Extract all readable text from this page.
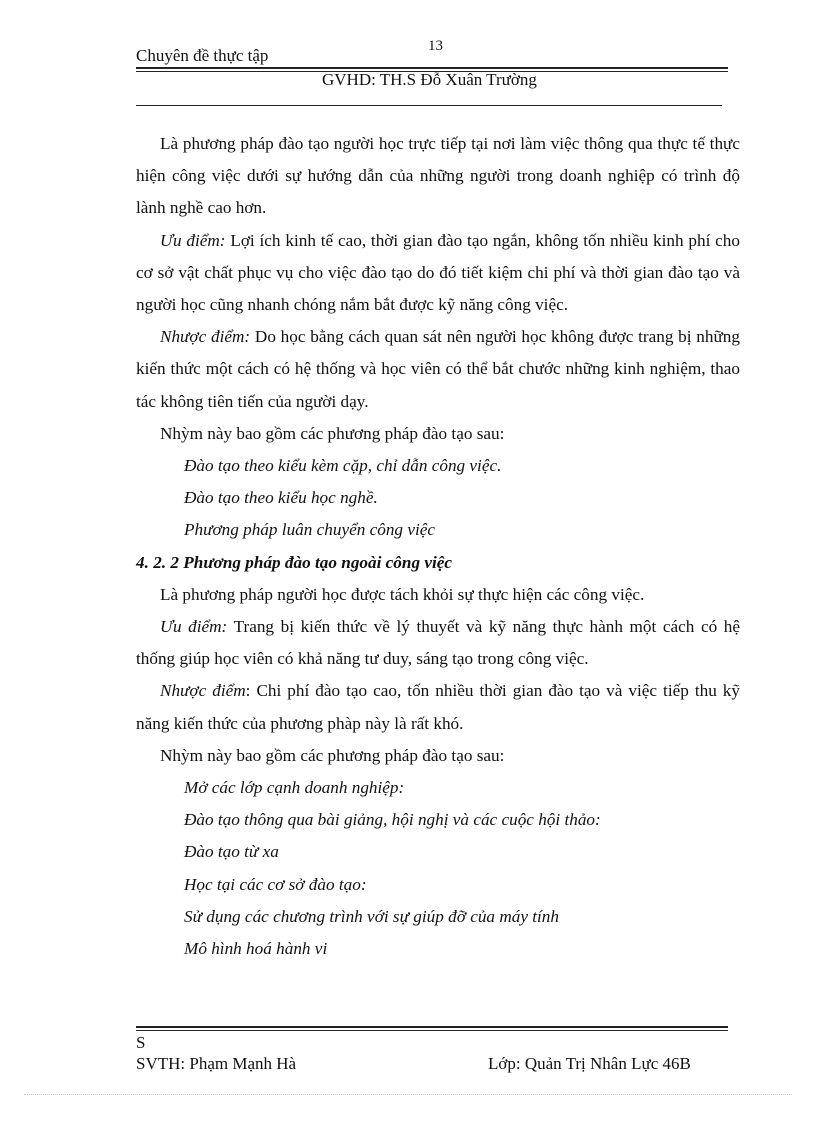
13
Chuyên đề thực tập
GVHD: TH.S Đỗ Xuân Trường

Là phương pháp đào tạo người học trực tiếp tại nơi làm việc thông qua thực tế thực hiện công việc dưới sự hướng dẫn của những người trong doanh nghiệp có trình độ lành nghề cao hơn.

Ưu điểm: Lợi ích kinh tế cao, thời gian đào tạo ngắn, không tốn nhiều kinh phí cho cơ sở vật chất phục vụ cho việc đào tạo do đó tiết kiệm chi phí và thời gian đào tạo và người học cũng nhanh chóng nắm bắt được kỹ năng công việc.

Nhược điểm: Do học bằng cách quan sát nên người học không được trang bị những kiến thức một cách có hệ thống và học viên có thể bắt chước những kinh nghiệm, thao tác không tiên tiến của người dạy.

Nhỳm này bao gồm các phương pháp đào tạo sau:

Đào tạo theo kiểu kèm cặp, chỉ dẫn công việc.

Đào tạo theo kiểu học nghề.

Phương pháp luân chuyển công việc

4. 2. 2 Phương pháp đào tạo ngoài công việc

Là phương pháp người học được tách khỏi sự thực hiện các công việc.

Ưu điểm: Trang bị kiến thức về lý thuyết và kỹ năng thực hành một cách có hệ thống giúp học viên có khả năng tư duy, sáng tạo trong công việc.

Nhược điểm: Chi phí đào tạo cao, tốn nhiều thời gian đào tạo và việc tiếp thu kỹ năng kiến thức của phương phàp này là rất khó.

Nhỳm này bao gồm các phương pháp đào tạo sau:

Mở các lớp cạnh doanh nghiệp:

Đào tạo thông qua bài giảng, hội nghị và các cuộc hội thảo:

Đào tạo từ xa

Học tại các cơ sở đào tạo:

Sử dụng các chương trình với sự giúp đỡ của máy tính

Mô hình hoá hành vi

S
SVTH: Phạm Mạnh Hà	Lớp: Quản Trị Nhân Lực 46B
